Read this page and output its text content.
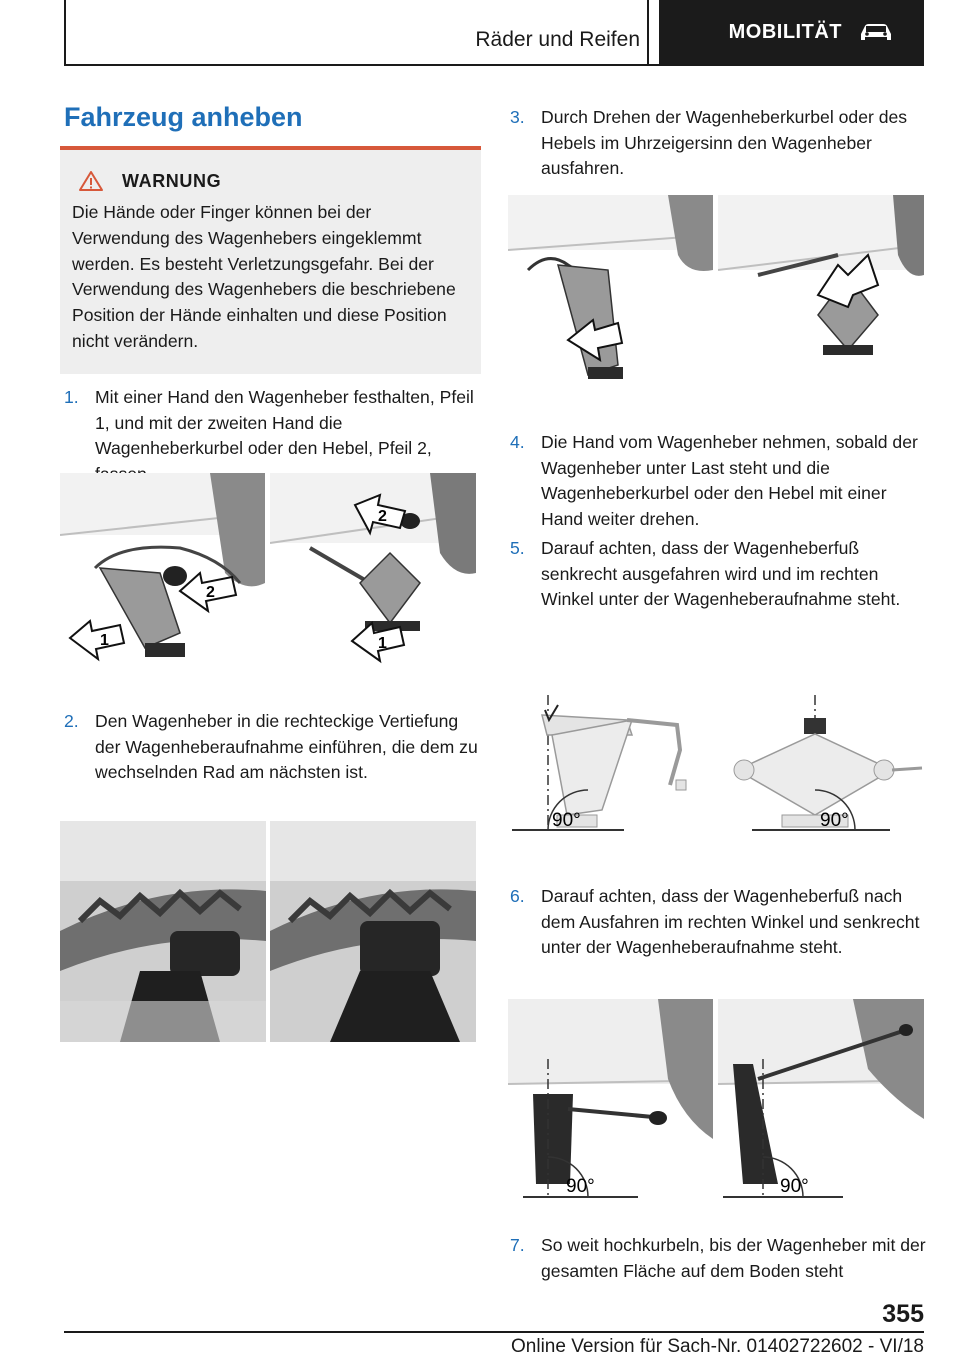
Räder und Reifen	MOBILITÄT
Fahrzeug anheben
WARNUNG
Die Hände oder Finger können bei der Verwendung des Wagenhebers eingeklemmt werden. Es besteht Verletzungsgefahr. Bei der Verwendung des Wagenhebers die beschriebene Position der Hände einhalten und diese Position nicht verändern.
1. Mit einer Hand den Wagenheber festhalten, Pfeil 1, und mit der zweiten Hand die Wagenheberkurbel oder den Hebel, Pfeil 2,
1
2
2
1
2. Den Wagenheber in die rechteckige Vertiefung der Wagenheberaufnahme einführen, die dem zu wechselnden Rad am nächsten ist.
3. Durch Drehen der Wagenheberkurbel oder des Hebels im Uhrzeigersinn den Wagenheber ausfahren.
4. Die Hand vom Wagenheber nehmen, sobald der Wagenheber unter Last steht und die Wagenheberkurbel oder den Hebel mit einer Hand weiter drehen.
5. Darauf achten, dass der Wagenheberfuß senkrecht ausgefahren wird und im rechten Winkel unter der Wagenheberaufnahme steht.
90°	90°
6. Darauf achten, dass der Wagenheberfuß nach dem Ausfahren im rechten Winkel und senkrecht unter der Wagenheberaufnahme steht.
90°	90°
7. So weit hochkurbeln, bis der Wagenheber mit der gesamten Fläche auf dem Boden steht
355
Online Version für Sach-Nr. 01402722602 - VI/18
